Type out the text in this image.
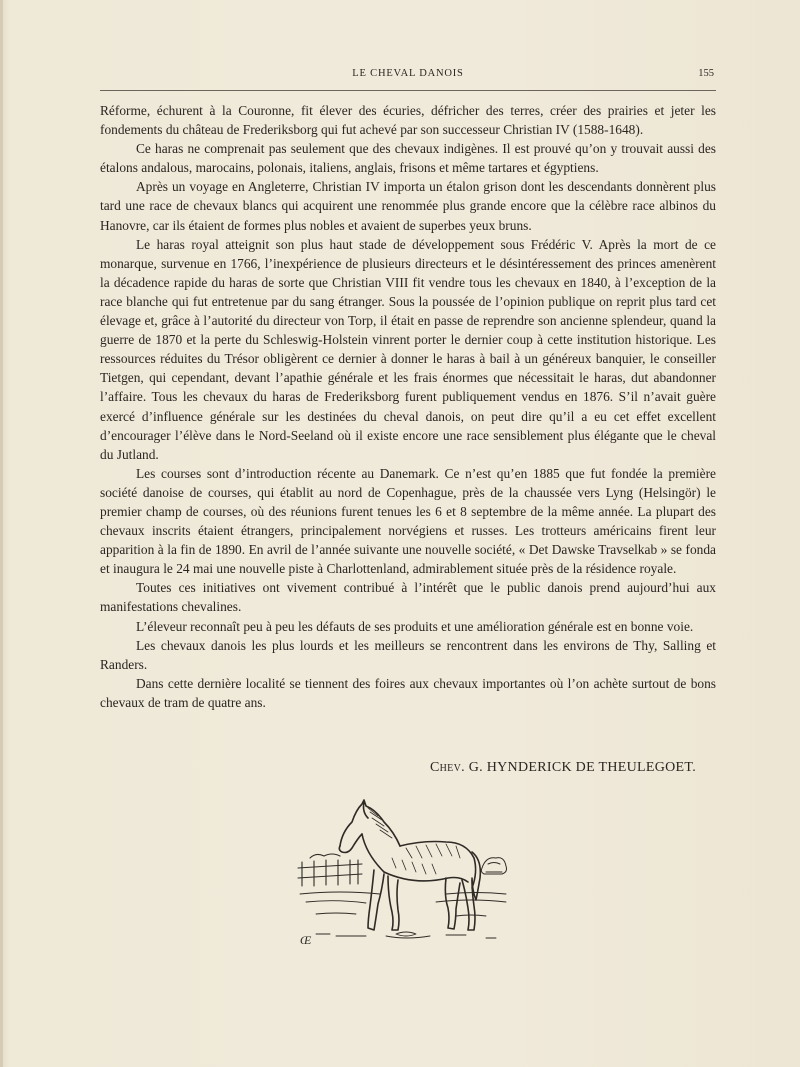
LE CHEVAL DANOIS	155

Réforme, échurent à la Couronne, fit élever des écuries, défricher des terres, créer des prairies et jeter les fondements du château de Frederiksborg qui fut achevé par son successeur Christian IV (1588-1648).

Ce haras ne comprenait pas seulement que des chevaux indigènes. Il est prouvé qu’on y trouvait aussi des étalons andalous, marocains, polonais, italiens, anglais, frisons et même tartares et égyptiens.

Après un voyage en Angleterre, Christian IV importa un étalon grison dont les descendants donnèrent plus tard une race de chevaux blancs qui acquirent une renommée plus grande encore que la célèbre race albinos du Hanovre, car ils étaient de formes plus nobles et avaient de superbes yeux bruns.

Le haras royal atteignit son plus haut stade de développement sous Frédéric V. Après la mort de ce monarque, survenue en 1766, l’inexpérience de plusieurs directeurs et le désintéressement des princes amenèrent la décadence rapide du haras de sorte que Christian VIII fit vendre tous les chevaux en 1840, à l’exception de la race blanche qui fut entretenue par du sang étranger. Sous la poussée de l’opinion publique on reprit plus tard cet élevage et, grâce à l’autorité du directeur von Torp, il était en passe de reprendre son ancienne splendeur, quand la guerre de 1870 et la perte du Schleswig-Holstein vinrent porter le dernier coup à cette institution historique. Les ressources réduites du Trésor obligèrent ce dernier à donner le haras à bail à un généreux banquier, le conseiller Tietgen, qui cependant, devant l’apathie générale et les frais énormes que nécessitait le haras, dut abandonner l’affaire. Tous les chevaux du haras de Frederiksborg furent publiquement vendus en 1876. S’il n’avait guère exercé d’influence générale sur les destinées du cheval danois, on peut dire qu’il a eu cet effet excellent d’encourager l’élève dans le Nord-Seeland où il existe encore une race sensiblement plus élégante que le cheval du Jutland.

Les courses sont d’introduction récente au Danemark. Ce n’est qu’en 1885 que fut fondée la première société danoise de courses, qui établit au nord de Copenhague, près de la chaussée vers Lyng (Helsingör) le premier champ de courses, où des réunions furent tenues les 6 et 8 septembre de la même année. La plupart des chevaux inscrits étaient étrangers, principalement norvégiens et russes. Les trotteurs américains firent leur apparition à la fin de 1890. En avril de l’année suivante une nouvelle société, « Det Dawske Travselkab » se fonda et inaugura le 24 mai une nouvelle piste à Charlottenland, admirablement située près de la résidence royale.

Toutes ces initiatives ont vivement contribué à l’intérêt que le public danois prend aujourd’hui aux manifestations chevalines.

L’éleveur reconnaît peu à peu les défauts de ses produits et une amélioration générale est en bonne voie.

Les chevaux danois les plus lourds et les meilleurs se rencontrent dans les environs de Thy, Salling et Randers.

Dans cette dernière localité se tiennent des foires aux chevaux importantes où l’on achète surtout de bons chevaux de tram de quatre ans.

Chev. G. HYNDERICK DE THEULEGOET.
Œ
